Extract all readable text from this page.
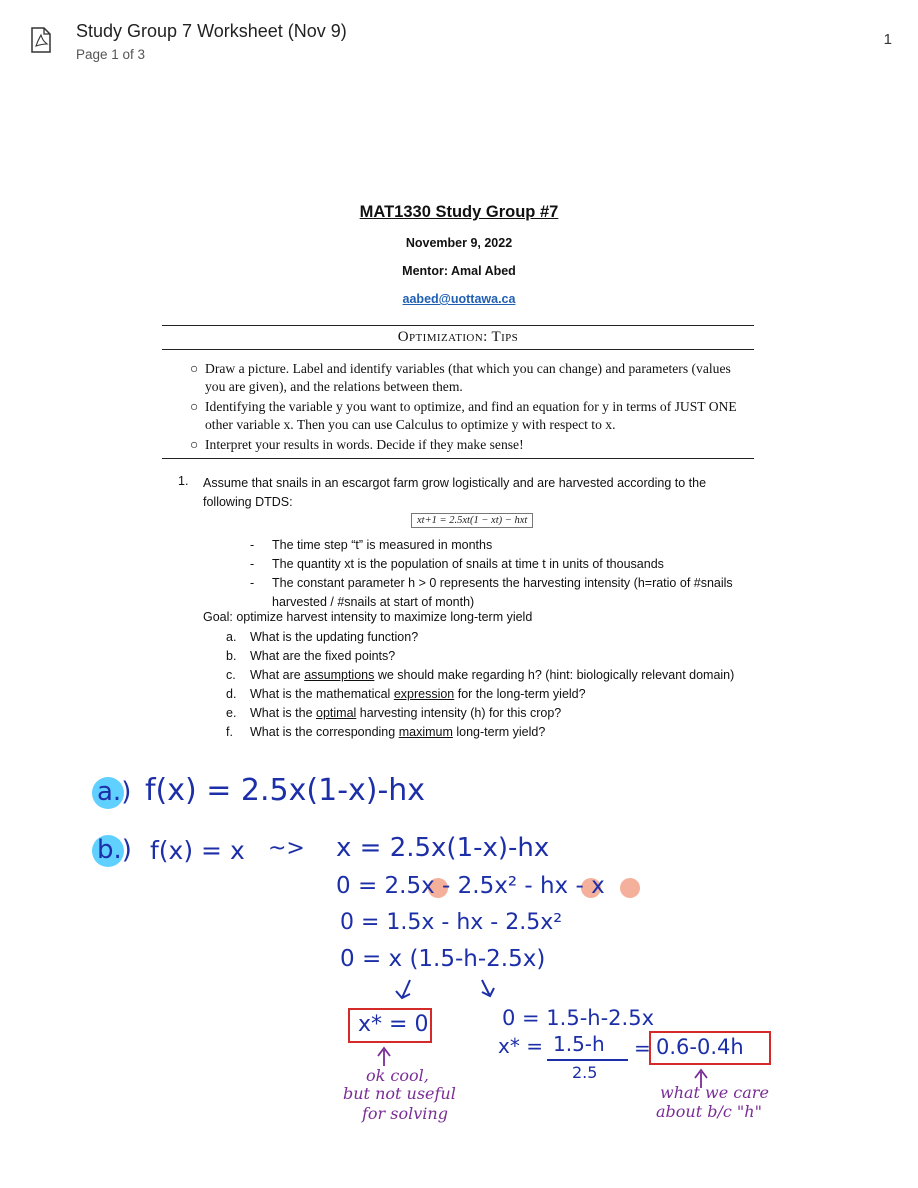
Study Group 7 Worksheet (Nov 9)
Page 1 of 3
1
MAT1330 Study Group #7
November 9, 2022
Mentor: Amal Abed
aabed@uottawa.ca
Optimization: Tips
○ Draw a picture. Label and identify variables (that which you can change) and parameters (values you are given), and the relations between them.
○ Identifying the variable y you want to optimize, and find an equation for y in terms of JUST ONE other variable x. Then you can use Calculus to optimize y with respect to x.
○ Interpret your results in words. Decide if they make sense!
1. Assume that snails in an escargot farm grow logistically and are harvested according to the following DTDS:
xt+1 = 2.5xt(1 − xt) − hxt
- The time step “t” is measured in months
- The quantity xt is the population of snails at time t in units of thousands
- The constant parameter h > 0 represents the harvesting intensity (h=ratio of #snails harvested / #snails at start of month)
Goal: optimize harvest intensity to maximize long-term yield
a. What is the updating function?
b. What are the fixed points?
c. What are assumptions we should make regarding h? (hint: biologically relevant domain)
d. What is the mathematical expression for the long-term yield?
e. What is the optimal harvesting intensity (h) for this crop?
f. What is the corresponding maximum long-term yield?
a.) f(x) = 2.5x(1-x)-hx
b.) f(x) = x ~> x = 2.5x(1-x)-hx
0 = 2.5x - 2.5x² - hx - x
0 = 1.5x - hx - 2.5x²
0 = x (1.5-h-2.5x)
x* = 0	0 = 1.5-h-2.5x
x* = 1.5-h
2.5
= 0.6-0.4h
ok cool,
but not useful
for solving
what we care
about b/c "h"
